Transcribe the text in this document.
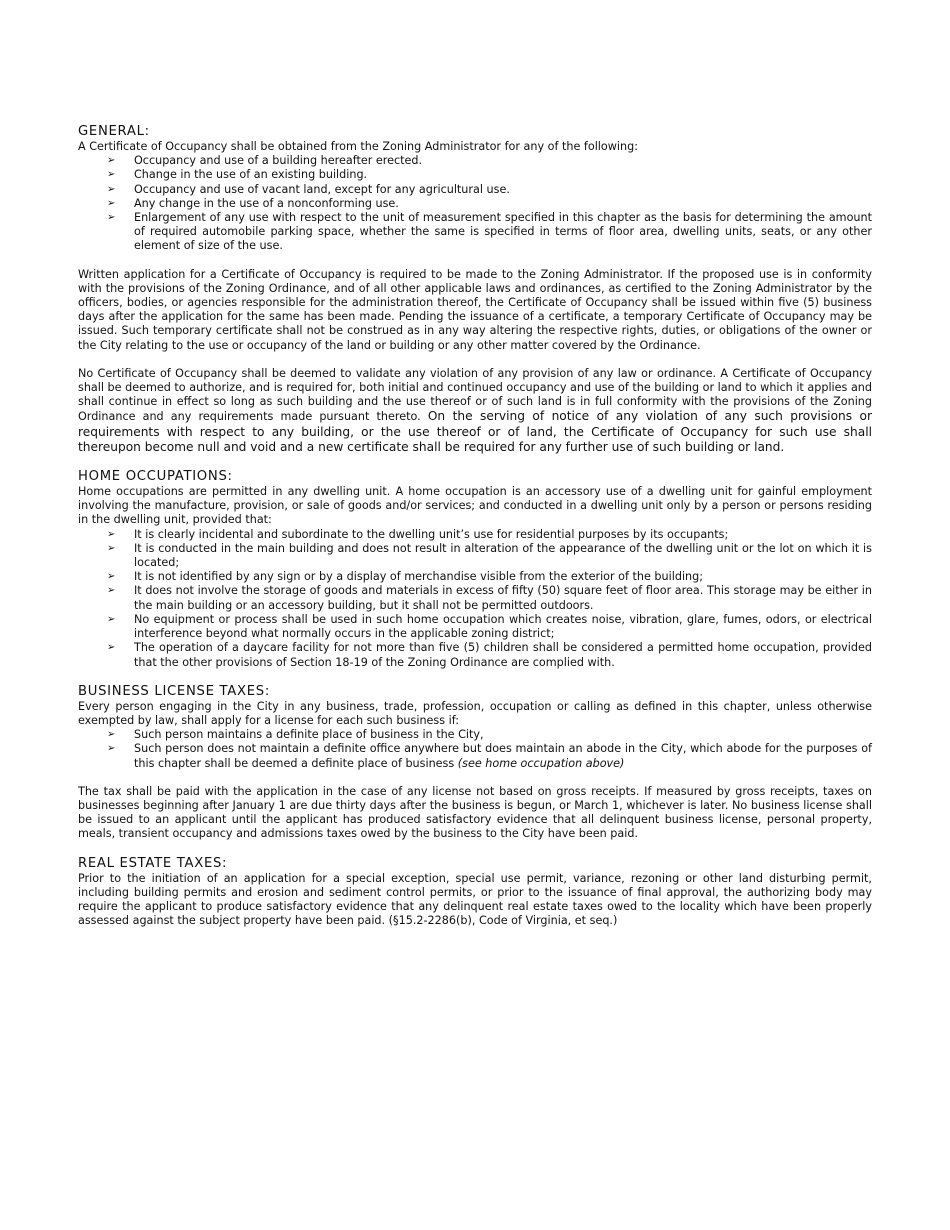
GENERAL:

A Certificate of Occupancy shall be obtained from the Zoning Administrator for any of the following:

➢ Occupancy and use of a building hereafter erected.
➢ Change in the use of an existing building.
➢ Occupancy and use of vacant land, except for any agricultural use.
➢ Any change in the use of a nonconforming use.
➢ Enlargement of any use with respect to the unit of measurement specified in this chapter as the basis for determining the amount of required automobile parking space, whether the same is specified in terms of floor area, dwelling units, seats, or any other element of size of the use.

Written application for a Certificate of Occupancy is required to be made to the Zoning Administrator. If the proposed use is in conformity with the provisions of the Zoning Ordinance, and of all other applicable laws and ordinances, as certified to the Zoning Administrator by the officers, bodies, or agencies responsible for the administration thereof, the Certificate of Occupancy shall be issued within five (5) business days after the application for the same has been made. Pending the issuance of a certificate, a temporary Certificate of Occupancy may be issued. Such temporary certificate shall not be construed as in any way altering the respective rights, duties, or obligations of the owner or the City relating to the use or occupancy of the land or building or any other matter covered by the Ordinance.

No Certificate of Occupancy shall be deemed to validate any violation of any provision of any law or ordinance. A Certificate of Occupancy shall be deemed to authorize, and is required for, both initial and continued occupancy and use of the building or land to which it applies and shall continue in effect so long as such building and the use thereof or of such land is in full conformity with the provisions of the Zoning Ordinance and any requirements made pursuant thereto. On the serving of notice of any violation of any such provisions or requirements with respect to any building, or the use thereof or of land, the Certificate of Occupancy for such use shall thereupon become null and void and a new certificate shall be required for any further use of such building or land.

HOME OCCUPATIONS:

Home occupations are permitted in any dwelling unit. A home occupation is an accessory use of a dwelling unit for gainful employment involving the manufacture, provision, or sale of goods and/or services; and conducted in a dwelling unit only by a person or persons residing in the dwelling unit, provided that:

➢ It is clearly incidental and subordinate to the dwelling unit’s use for residential purposes by its occupants;
➢ It is conducted in the main building and does not result in alteration of the appearance of the dwelling unit or the lot on which it is located;
➢ It is not identified by any sign or by a display of merchandise visible from the exterior of the building;
➢ It does not involve the storage of goods and materials in excess of fifty (50) square feet of floor area. This storage may be either in the main building or an accessory building, but it shall not be permitted outdoors.
➢ No equipment or process shall be used in such home occupation which creates noise, vibration, glare, fumes, odors, or electrical interference beyond what normally occurs in the applicable zoning district;
➢ The operation of a daycare facility for not more than five (5) children shall be considered a permitted home occupation, provided that the other provisions of Section 18-19 of the Zoning Ordinance are complied with.
BUSINESS LICENSE TAXES:

Every person engaging in the City in any business, trade, profession, occupation or calling as defined in this chapter, unless otherwise exempted by law, shall apply for a license for each such business if:

➢ Such person maintains a definite place of business in the City,
➢ Such person does not maintain a definite office anywhere but does maintain an abode in the City, which abode for the purposes of this chapter shall be deemed a definite place of business (see home occupation above)

The tax shall be paid with the application in the case of any license not based on gross receipts. If measured by gross receipts, taxes on businesses beginning after January 1 are due thirty days after the business is begun, or March 1, whichever is later. No business license shall be issued to an applicant until the applicant has produced satisfactory evidence that all delinquent business license, personal property, meals, transient occupancy and admissions taxes owed by the business to the City have been paid.

REAL ESTATE TAXES:

Prior to the initiation of an application for a special exception, special use permit, variance, rezoning or other land disturbing permit, including building permits and erosion and sediment control permits, or prior to the issuance of final approval, the authorizing body may require the applicant to produce satisfactory evidence that any delinquent real estate taxes owed to the locality which have been properly assessed against the subject property have been paid. (§15.2-2286(b), Code of Virginia, et seq.)
